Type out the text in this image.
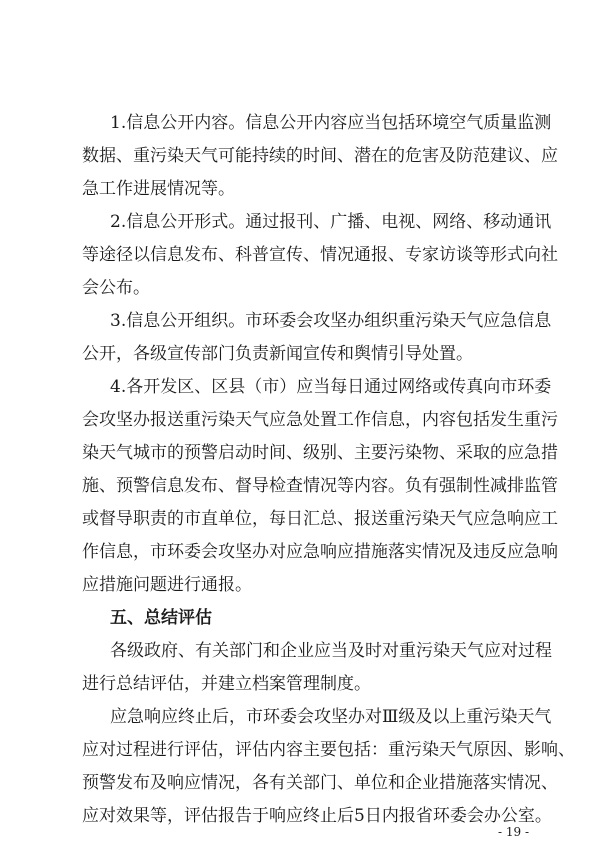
1.信息公开内容。信息公开内容应当包括环境空气质量监测
数据、重污染天气可能持续的时间、潜在的危害及防范建议、应
急工作进展情况等。
2.信息公开形式。通过报刊、广播、电视、网络、移动通讯
等途径以信息发布、科普宣传、情况通报、专家访谈等形式向社
会公布。
3.信息公开组织。市环委会攻坚办组织重污染天气应急信息
公开，各级宣传部门负责新闻宣传和舆情引导处置。
4.各开发区、区县（市）应当每日通过网络或传真向市环委
会攻坚办报送重污染天气应急处置工作信息，内容包括发生重污
染天气城市的预警启动时间、级别、主要污染物、采取的应急措
施、预警信息发布、督导检查情况等内容。负有强制性减排监管
或督导职责的市直单位，每日汇总、报送重污染天气应急响应工
作信息，市环委会攻坚办对应急响应措施落实情况及违反应急响
应措施问题进行通报。
五、总结评估
各级政府、有关部门和企业应当及时对重污染天气应对过程
进行总结评估，并建立档案管理制度。
应急响应终止后，市环委会攻坚办对Ⅲ级及以上重污染天气
应对过程进行评估，评估内容主要包括：重污染天气原因、影响、
预警发布及响应情况，各有关部门、单位和企业措施落实情况、
应对效果等，评估报告于响应终止后5日内报省环委会办公室。
- 19 -
